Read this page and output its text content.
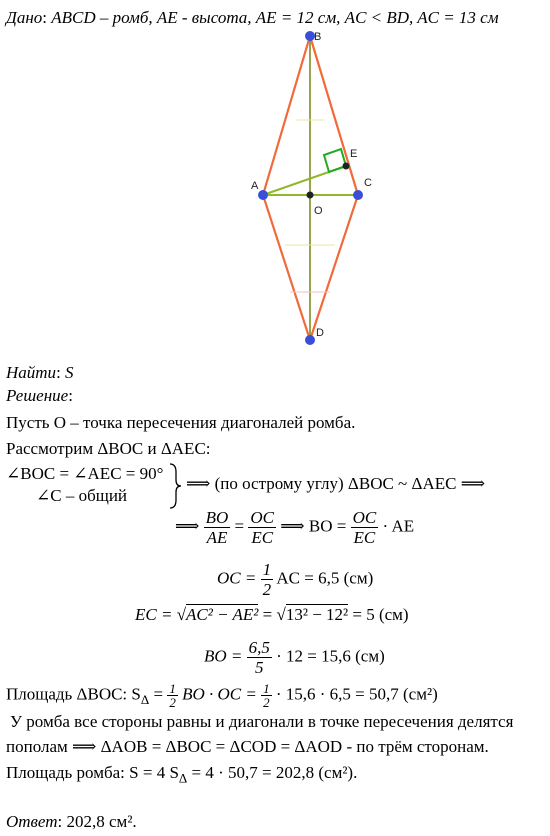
Дано: ABCD – ромб, AE - высота, AE = 12 см, AC < BD, AC = 13 см
B
A	C
D
E
O
Найти: S
Решение:
Пусть O – точка пересечения диагоналей ромба.
Рассмотрим ΔBOC и ΔAEC:
∠BOC = ∠AEC = 90°
∠C – общий
⟹ (по острому углу) ΔBOC ~ ΔAEC ⟹
⟹ $\frac{BO}{AE} = \frac{OC}{EC}$ ⟹ BO = $\frac{OC}{EC}$ · AE
OC = $\frac{1}{2}$ AC = 6,5 (см)
EC = √AC² − AE² = √13² − 12² = 5 (см)
BO = $\frac{6,5}{5} \cdot 12 = 15,6$ (см)
Площадь ΔBOC: $S_\Delta = \frac{1}{2}$ BO · OC = $\frac{1}{2} \cdot 15,6 \cdot 6,5 = 50,7$ (см²)
У ромба все стороны равны и диагонали в точке пересечения делятся
пополам ⟹ ΔAOB = ΔBOC = ΔCOD = ΔAOD - по трём сторонам.
Площадь ромба: S = 4 $S_\Delta = 4 \cdot 50,7 = 202,8$ (см²).
Ответ: 202,8 см².
